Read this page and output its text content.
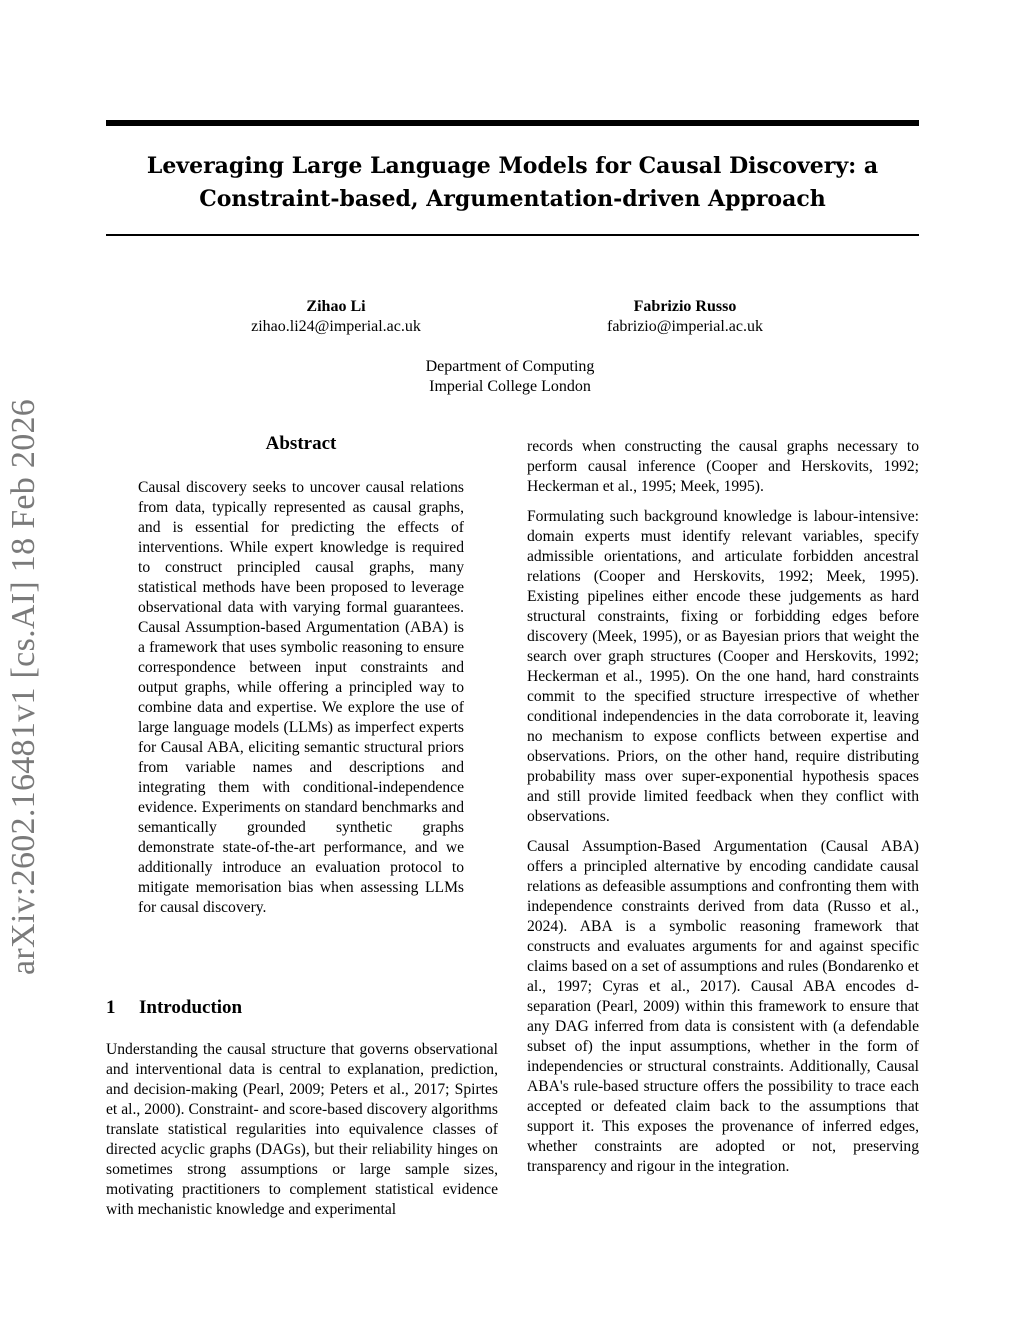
Leveraging Large Language Models for Causal Discovery: a Constraint-based, Argumentation-driven Approach
Zihao Li
zihao.li24@imperial.ac.uk
Fabrizio Russo
fabrizio@imperial.ac.uk
Department of Computing
Imperial College London
arXiv:2602.16481v1 [cs.AI] 18 Feb 2026	Abstract

Causal discovery seeks to uncover causal relations from data, typically represented as causal graphs, and is essential for predicting the effects of interventions. While expert knowledge is required to construct principled causal graphs, many statistical methods have been proposed to leverage observational data with varying formal guarantees. Causal Assumption-based Argumentation (ABA) is a framework that uses symbolic reasoning to ensure correspondence between input constraints and output graphs, while offering a principled way to combine data and expertise. We explore the use of large language models (LLMs) as imperfect experts for Causal ABA, eliciting semantic structural priors from variable names and descriptions and integrating them with conditional-independence evidence. Experiments on standard benchmarks and semantically grounded synthetic graphs demonstrate state-of-the-art performance, and we additionally introduce an evaluation protocol to mitigate memorisation bias when assessing LLMs for causal discovery.

1 Introduction

Understanding the causal structure that governs observational and interventional data is central to explanation, prediction, and decision-making (Pearl, 2009; Peters et al., 2017; Spirtes et al., 2000). Constraint- and score-based discovery algorithms translate statistical regularities into equivalence classes of directed acyclic graphs (DAGs), but their reliability hinges on sometimes strong assumptions or large sample sizes, motivating practitioners to complement statistical evidence with mechanistic knowledge and experimental

records when constructing the causal graphs necessary to perform causal inference (Cooper and Herskovits, 1992; Heckerman et al., 1995; Meek, 1995).

Formulating such background knowledge is labour-intensive: domain experts must identify relevant variables, specify admissible orientations, and articulate forbidden ancestral relations (Cooper and Herskovits, 1992; Meek, 1995). Existing pipelines either encode these judgements as hard structural constraints, fixing or forbidding edges before discovery (Meek, 1995), or as Bayesian priors that weight the search over graph structures (Cooper and Herskovits, 1992; Heckerman et al., 1995). On the one hand, hard constraints commit to the specified structure irrespective of whether conditional independencies in the data corroborate it, leaving no mechanism to expose conflicts between expertise and observations. Priors, on the other hand, require distributing probability mass over super-exponential hypothesis spaces and still provide limited feedback when they conflict with observations.

Causal Assumption-Based Argumentation (Causal ABA) offers a principled alternative by encoding candidate causal relations as defeasible assumptions and confronting them with independence constraints derived from data (Russo et al., 2024). ABA is a symbolic reasoning framework that constructs and evaluates arguments for and against specific claims based on a set of assumptions and rules (Bondarenko et al., 1997; Cyras et al., 2017). Causal ABA encodes d-separation (Pearl, 2009) within this framework to ensure that any DAG inferred from data is consistent with (a defendable subset of) the input assumptions, whether in the form of independencies or structural constraints. Additionally, Causal ABA's rule-based structure offers the possibility to trace each accepted or defeated claim back to the assumptions that support it. This exposes the provenance of inferred edges, whether constraints are adopted or not, preserving transparency and rigour in the integration.
